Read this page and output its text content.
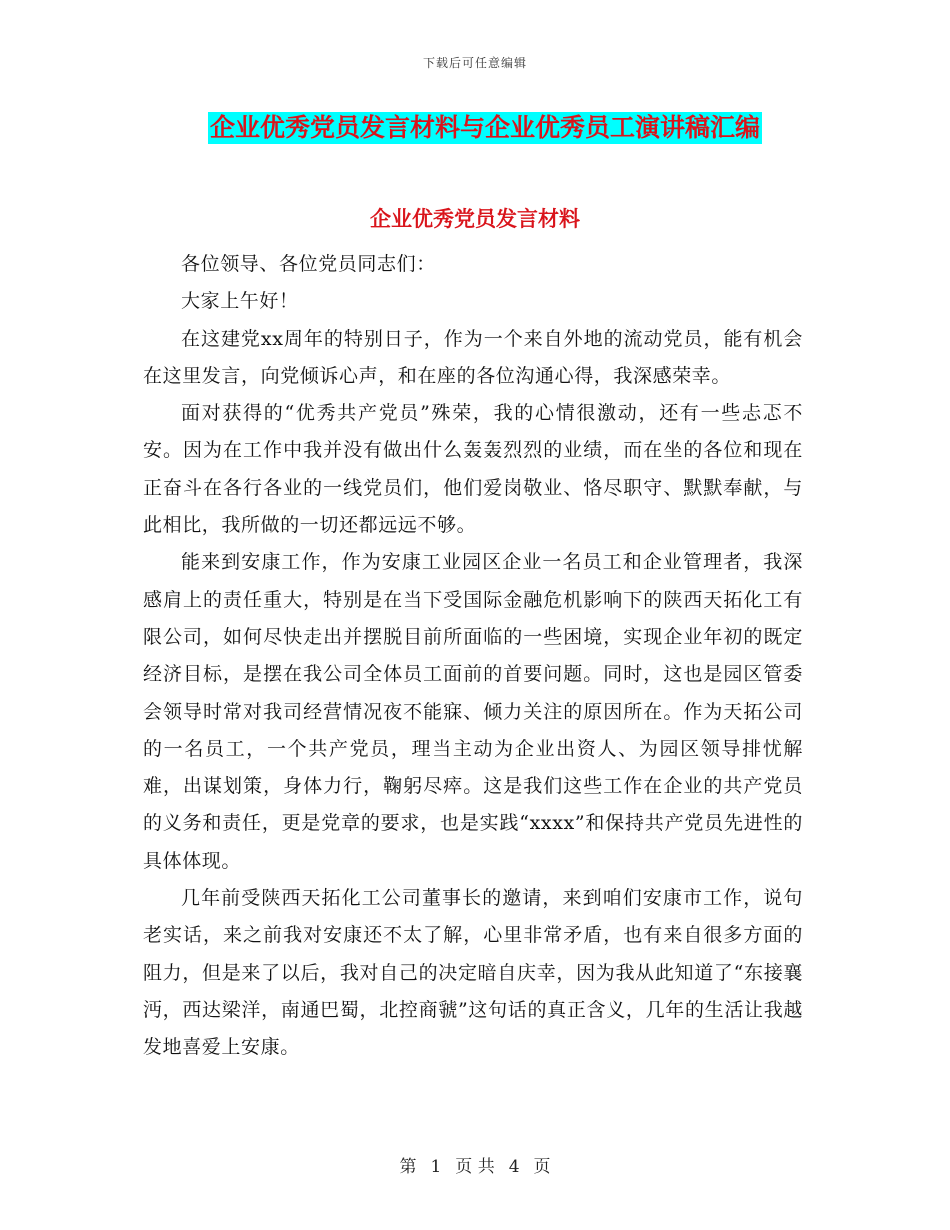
下载后可任意编辑
企业优秀党员发言材料与企业优秀员工演讲稿汇编
企业优秀党员发言材料

各位领导、各位党员同志们：

大家上午好！

在这建党xx周年的特别日子，作为一个来自外地的流动党员，能有机会在这里发言，向党倾诉心声，和在座的各位沟通心得，我深感荣幸。

面对获得的“优秀共产党员”殊荣，我的心情很激动，还有一些忐忑不安。因为在工作中我并没有做出什么轰轰烈烈的业绩，而在坐的各位和现在正奋斗在各行各业的一线党员们，他们爱岗敬业、恪尽职守、默默奉献，与此相比，我所做的一切还都远远不够。

能来到安康工作，作为安康工业园区企业一名员工和企业管理者，我深感肩上的责任重大，特别是在当下受国际金融危机影响下的陕西天拓化工有限公司，如何尽快走出并摆脱目前所面临的一些困境，实现企业年初的既定经济目标，是摆在我公司全体员工面前的首要问题。同时，这也是园区管委会领导时常对我司经营情况夜不能寐、倾力关注的原因所在。作为天拓公司的一名员工，一个共产党员，理当主动为企业出资人、为园区领导排忧解难，出谋划策，身体力行，鞠躬尽瘁。这是我们这些工作在企业的共产党员的义务和责任，更是党章的要求，也是实践“xxxx”和保持共产党员先进性的具体体现。

几年前受陕西天拓化工公司董事长的邀请，来到咱们安康市工作，说句老实话，来之前我对安康还不太了解，心里非常矛盾，也有来自很多方面的阻力，但是来了以后，我对自己的决定暗自庆幸，因为我从此知道了“东接襄沔，西达梁洋，南通巴蜀，北控商虢”这句话的真正含义，几年的生活让我越发地喜爱上安康。

第 1 页 共 4 页
